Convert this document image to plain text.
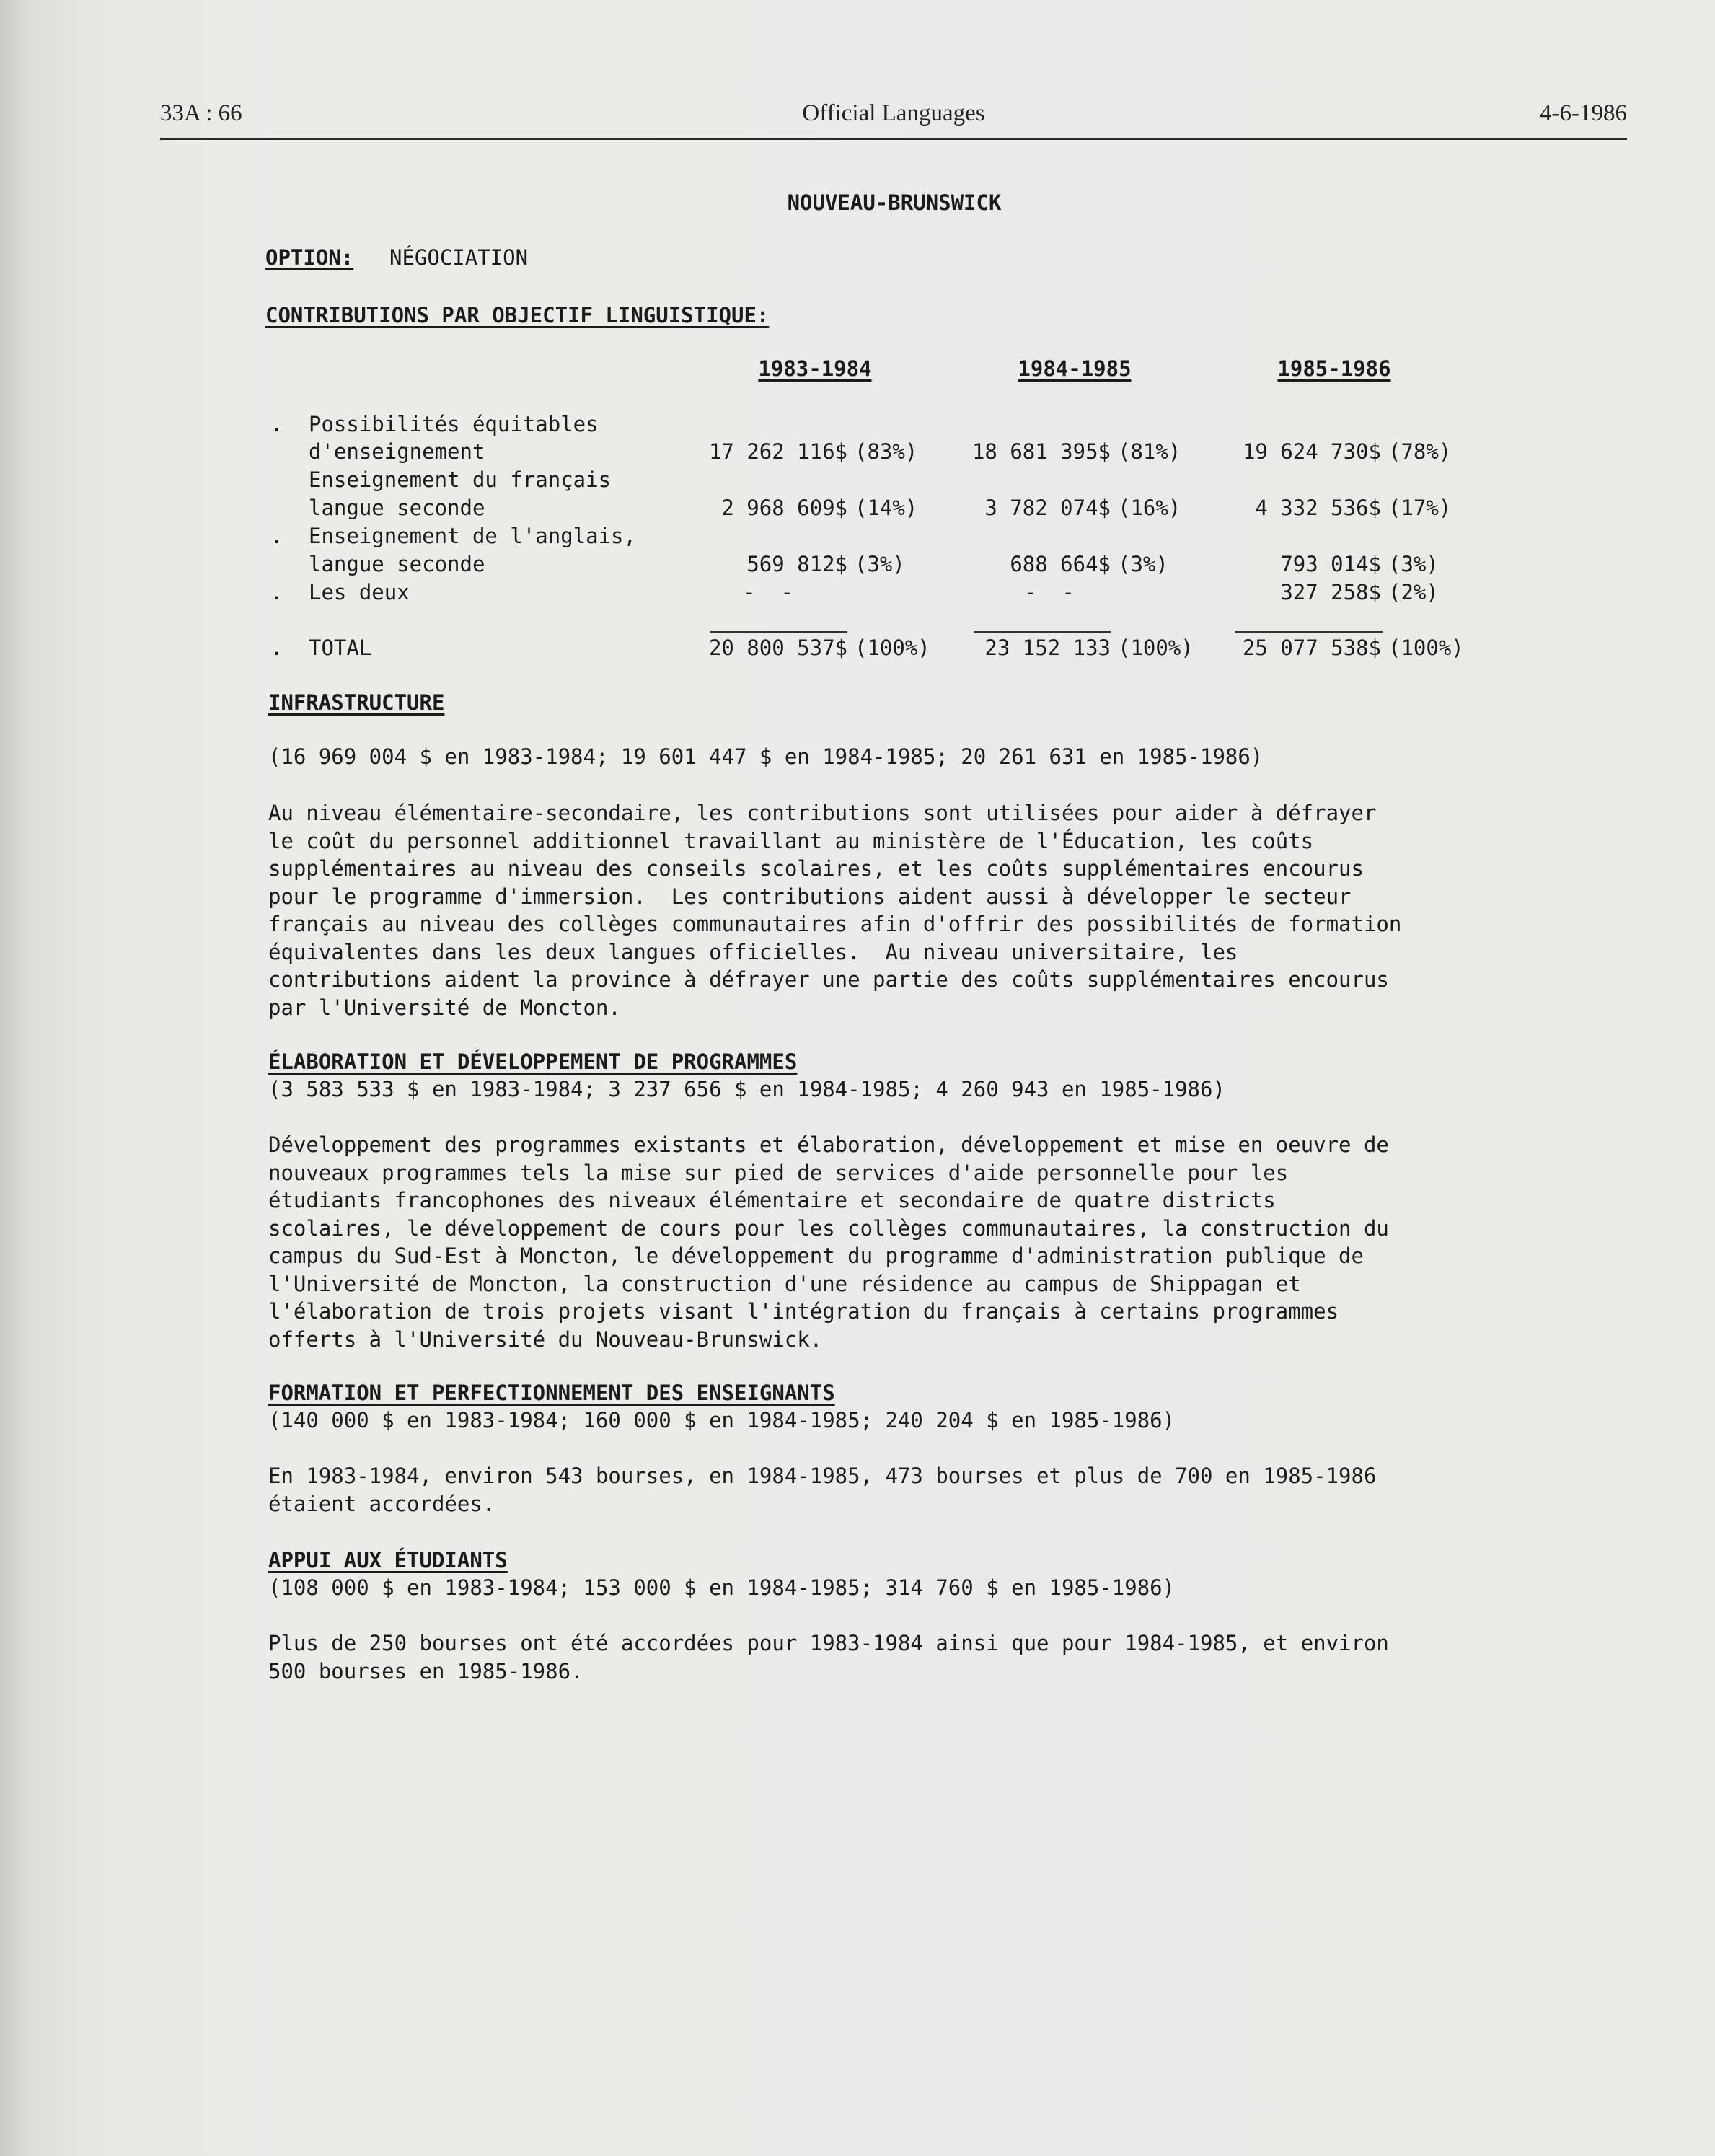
33A : 66	Official Languages	4-6-1986
NOUVEAU-BRUNSWICK
OPTION: NÉGOCIATION
CONTRIBUTIONS PAR OBJECTIF LINGUISTIQUE:
1983-1984	1984-1985	1985-1986
. Possibilités équitables
d'enseignement	17 262 116$ (83%)	18 681 395$ (81%)	19 624 730$ (78%)
Enseignement du français
langue seconde	2 968 609$ (14%)	3 782 074$ (16%)	4 332 536$ (17%)
. Enseignement de l'anglais,
langue seconde	569 812$ (3%)	688 664$ (3%)	793 014$ (3%)
. Les deux	-  -	-  -	327 258$ (2%)
. TOTAL	20 800 537$ (100%)	23 152 133 (100%)	25 077 538$ (100%)
INFRASTRUCTURE
(16 969 004 $ en 1983-1984; 19 601 447 $ en 1984-1985; 20 261 631 en 1985-1986)
Au niveau élémentaire-secondaire, les contributions sont utilisées pour aider à défrayer
le coût du personnel additionnel travaillant au ministère de l'Éducation, les coûts
supplémentaires au niveau des conseils scolaires, et les coûts supplémentaires encourus
pour le programme d'immersion.  Les contributions aident aussi à développer le secteur
français au niveau des collèges communautaires afin d'offrir des possibilités de formation
équivalentes dans les deux langues officielles.  Au niveau universitaire, les
contributions aident la province à défrayer une partie des coûts supplémentaires encourus
par l'Université de Moncton.
ÉLABORATION ET DÉVELOPPEMENT DE PROGRAMMES
(3 583 533 $ en 1983-1984; 3 237 656 $ en 1984-1985; 4 260 943 en 1985-1986)
Développement des programmes existants et élaboration, développement et mise en oeuvre de
nouveaux programmes tels la mise sur pied de services d'aide personnelle pour les
étudiants francophones des niveaux élémentaire et secondaire de quatre districts
scolaires, le développement de cours pour les collèges communautaires, la construction du
campus du Sud-Est à Moncton, le développement du programme d'administration publique de
l'Université de Moncton, la construction d'une résidence au campus de Shippagan et
l'élaboration de trois projets visant l'intégration du français à certains programmes
offerts à l'Université du Nouveau-Brunswick.
FORMATION ET PERFECTIONNEMENT DES ENSEIGNANTS
(140 000 $ en 1983-1984; 160 000 $ en 1984-1985; 240 204 $ en 1985-1986)
En 1983-1984, environ 543 bourses, en 1984-1985, 473 bourses et plus de 700 en 1985-1986
étaient accordées.
APPUI AUX ÉTUDIANTS
(108 000 $ en 1983-1984; 153 000 $ en 1984-1985; 314 760 $ en 1985-1986)
Plus de 250 bourses ont été accordées pour 1983-1984 ainsi que pour 1984-1985, et environ
500 bourses en 1985-1986.
